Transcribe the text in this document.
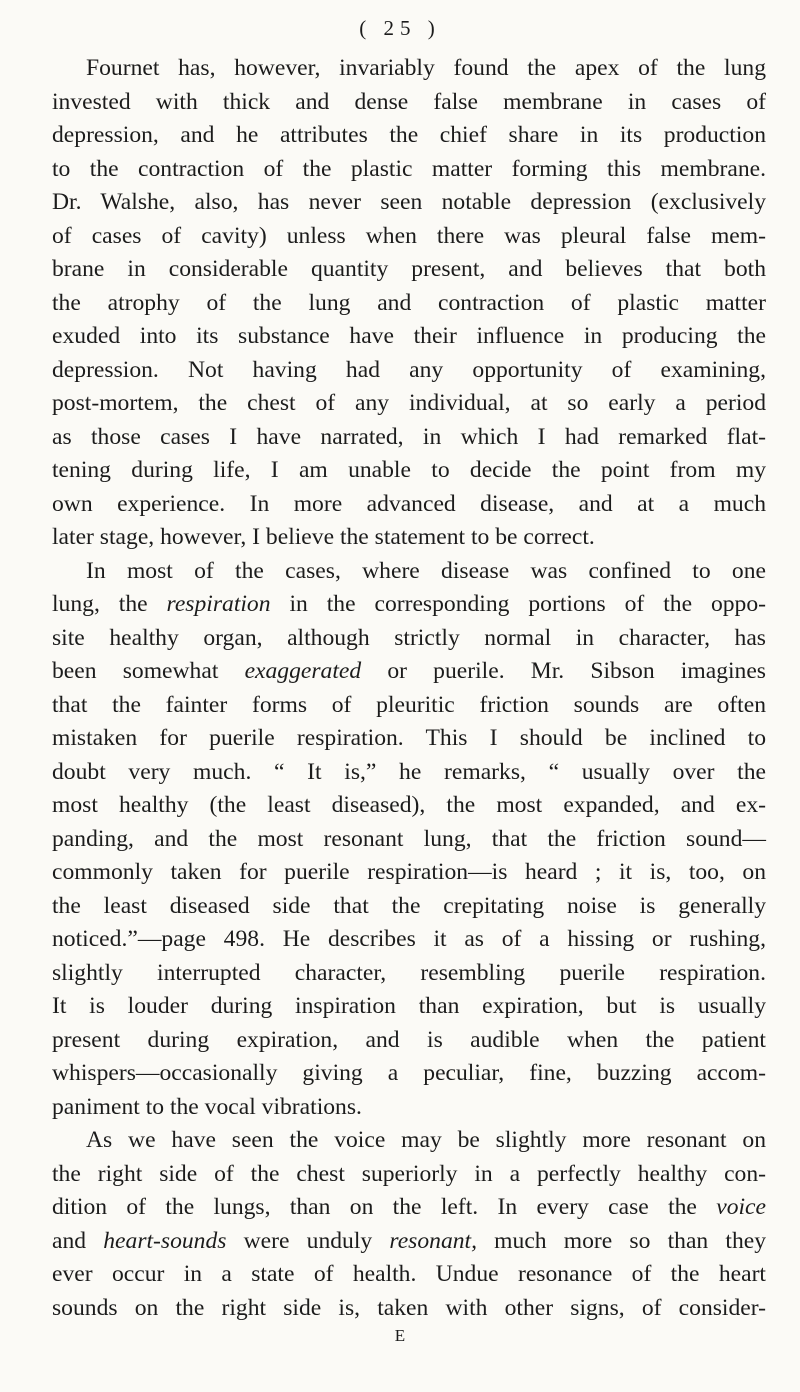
( 25 )
Fournet has, however, invariably found the apex of the lung
invested with thick and dense false membrane in cases of
depression, and he attributes the chief share in its production
to the contraction of the plastic matter forming this membrane.
Dr. Walshe, also, has never seen notable depression (exclusively
of cases of cavity) unless when there was pleural false mem-
brane in considerable quantity present, and believes that both
the atrophy of the lung and contraction of plastic matter
exuded into its substance have their influence in producing the
depression. Not having had any opportunity of examining,
post-mortem, the chest of any individual, at so early a period
as those cases I have narrated, in which I had remarked flat-
tening during life, I am unable to decide the point from my
own experience. In more advanced disease, and at a much
later stage, however, I believe the statement to be correct.
In most of the cases, where disease was confined to one
lung, the respiration in the corresponding portions of the oppo-
site healthy organ, although strictly normal in character, has
been somewhat exaggerated or puerile. Mr. Sibson imagines
that the fainter forms of pleuritic friction sounds are often
mistaken for puerile respiration. This I should be inclined to
doubt very much. “ It is,” he remarks, “ usually over the
most healthy (the least diseased), the most expanded, and ex-
panding, and the most resonant lung, that the friction sound—
commonly taken for puerile respiration—is heard ; it is, too, on
the least diseased side that the crepitating noise is generally
noticed.”—page 498. He describes it as of a hissing or rushing,
slightly interrupted character, resembling puerile respiration.
It is louder during inspiration than expiration, but is usually
present during expiration, and is audible when the patient
whispers—occasionally giving a peculiar, fine, buzzing accom-
paniment to the vocal vibrations.
As we have seen the voice may be slightly more resonant on
the right side of the chest superiorly in a perfectly healthy con-
dition of the lungs, than on the left. In every case the voice
and heart-sounds were unduly resonant, much more so than they
ever occur in a state of health. Undue resonance of the heart
sounds on the right side is, taken with other signs, of consider-
E
